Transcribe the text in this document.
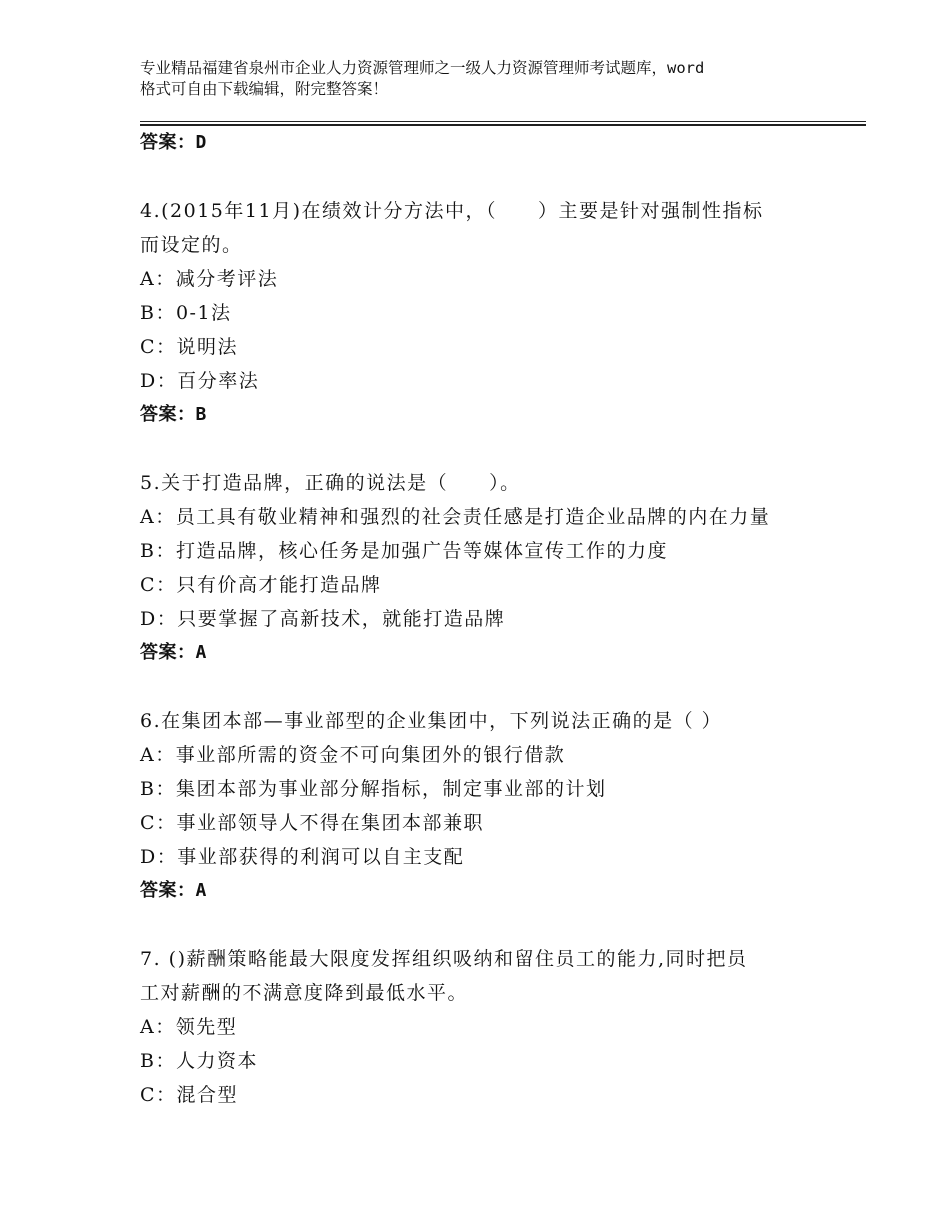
专业精品福建省泉州市企业人力资源管理师之一级人力资源管理师考试题库，word
格式可自由下载编辑，附完整答案！
答案：D
4.(2015年11月)在绩效计分方法中，（　　）主要是针对强制性指标
而设定的。
A：减分考评法
B：0-1法
C：说明法
D：百分率法
答案：B
5.关于打造品牌，正确的说法是（　　）。
A：员工具有敬业精神和强烈的社会责任感是打造企业品牌的内在力量
B：打造品牌，核心任务是加强广告等媒体宣传工作的力度
C：只有价高才能打造品牌
D：只要掌握了高新技术，就能打造品牌
答案：A
6.在集团本部—事业部型的企业集团中，下列说法正确的是（ ）
A：事业部所需的资金不可向集团外的银行借款
B：集团本部为事业部分解指标，制定事业部的计划
C：事业部领导人不得在集团本部兼职
D：事业部获得的利润可以自主支配
答案：A
7. ()薪酬策略能最大限度发挥组织吸纳和留住员工的能力,同时把员
工对薪酬的不满意度降到最低水平。
A：领先型
B：人力资本
C：混合型
